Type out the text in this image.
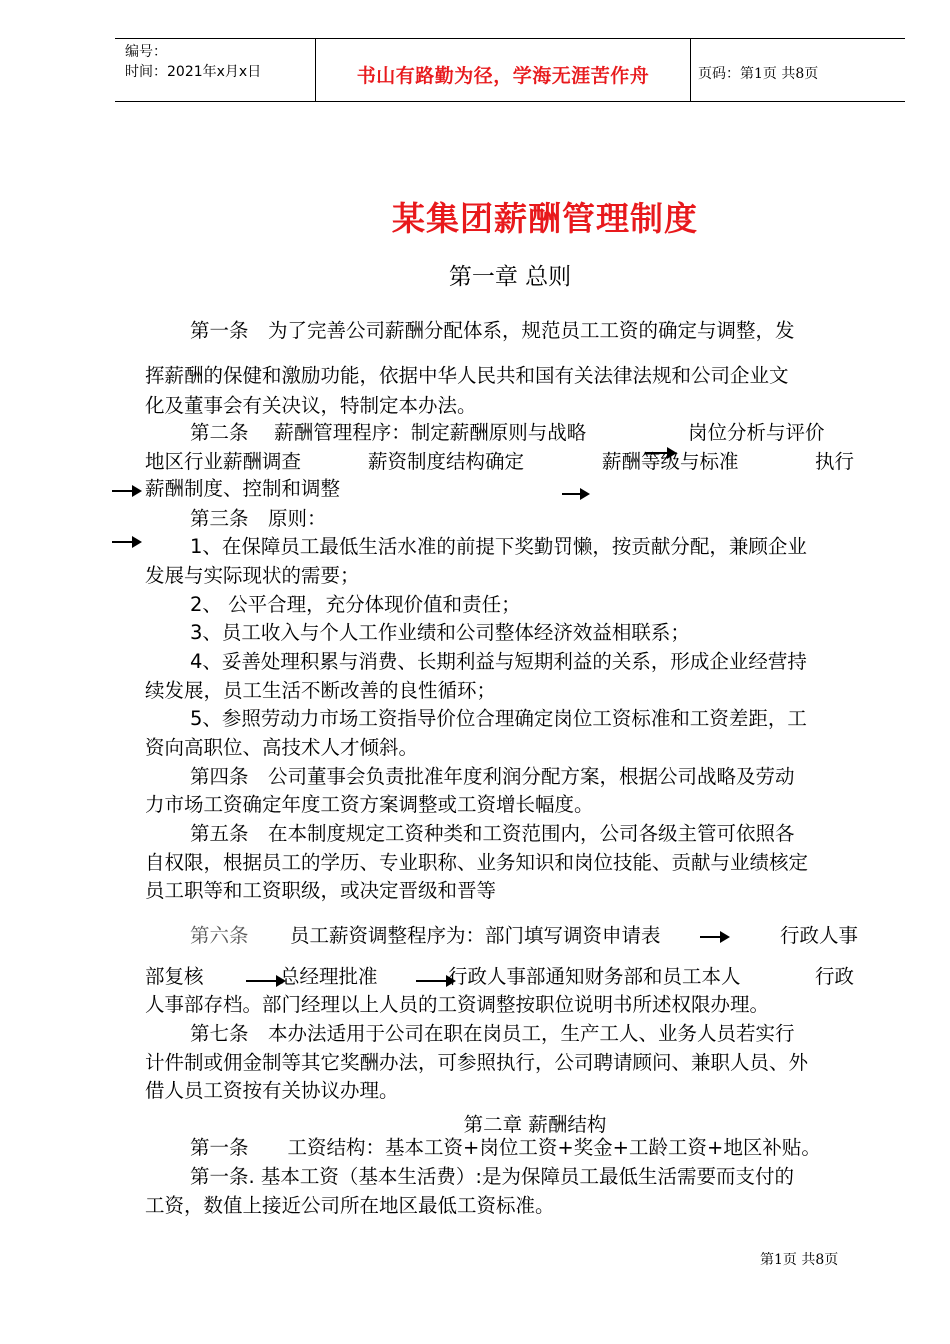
编号：
时间：2021年x月x日	书山有路勤为径，学海无涯苦作舟	页码：第1页 共8页
某集团薪酬管理制度
第一章 总则
第一条　为了完善公司薪酬分配体系，规范员工工资的确定与调整，发
挥薪酬的保健和激励功能，依据中华人民共和国有关法律法规和公司企业文
化及董事会有关决议，特制定本办法。
第二条　 薪酬管理程序：制定薪酬原则与战略	岗位分析与评价
地区行业薪酬调查	薪资制度结构确定	薪酬等级与标准	执行
薪酬制度、控制和调整
第三条　原则：
1、在保障员工最低生活水准的前提下奖勤罚懒，按贡献分配，兼顾企业
发展与实际现状的需要；
2、 公平合理，充分体现价值和责任；
3、员工收入与个人工作业绩和公司整体经济效益相联系；
4、妥善处理积累与消费、长期利益与短期利益的关系，形成企业经营持
续发展，员工生活不断改善的良性循环；
5、参照劳动力市场工资指导价位合理确定岗位工资标准和工资差距，工
资向高职位、高技术人才倾斜。
第四条　公司董事会负责批准年度利润分配方案，根据公司战略及劳动
力市场工资确定年度工资方案调整或工资增长幅度。
第五条　在本制度规定工资种类和工资范围内，公司各级主管可依照各
自权限，根据员工的学历、专业职称、业务知识和岗位技能、贡献与业绩核定
员工职等和工资职级，或决定晋级和晋等
第六条 员工薪资调整程序为：部门填写调资申请表	行政人事
部复核	总经理批准	行政人事部通知财务部和员工本人	行政
人事部存档。部门经理以上人员的工资调整按职位说明书所述权限办理。
第七条　本办法适用于公司在职在岗员工，生产工人、业务人员若实行
计件制或佣金制等其它奖酬办法，可参照执行，公司聘请顾问、兼职人员、外
借人员工资按有关协议办理。
第二章 薪酬结构
第一条　　工资结构：基本工资+岗位工资+奖金+工龄工资+地区补贴。
第一条. 基本工资（基本生活费）:是为保障员工最低生活需要而支付的
工资，数值上接近公司所在地区最低工资标准。
第1页 共8页
